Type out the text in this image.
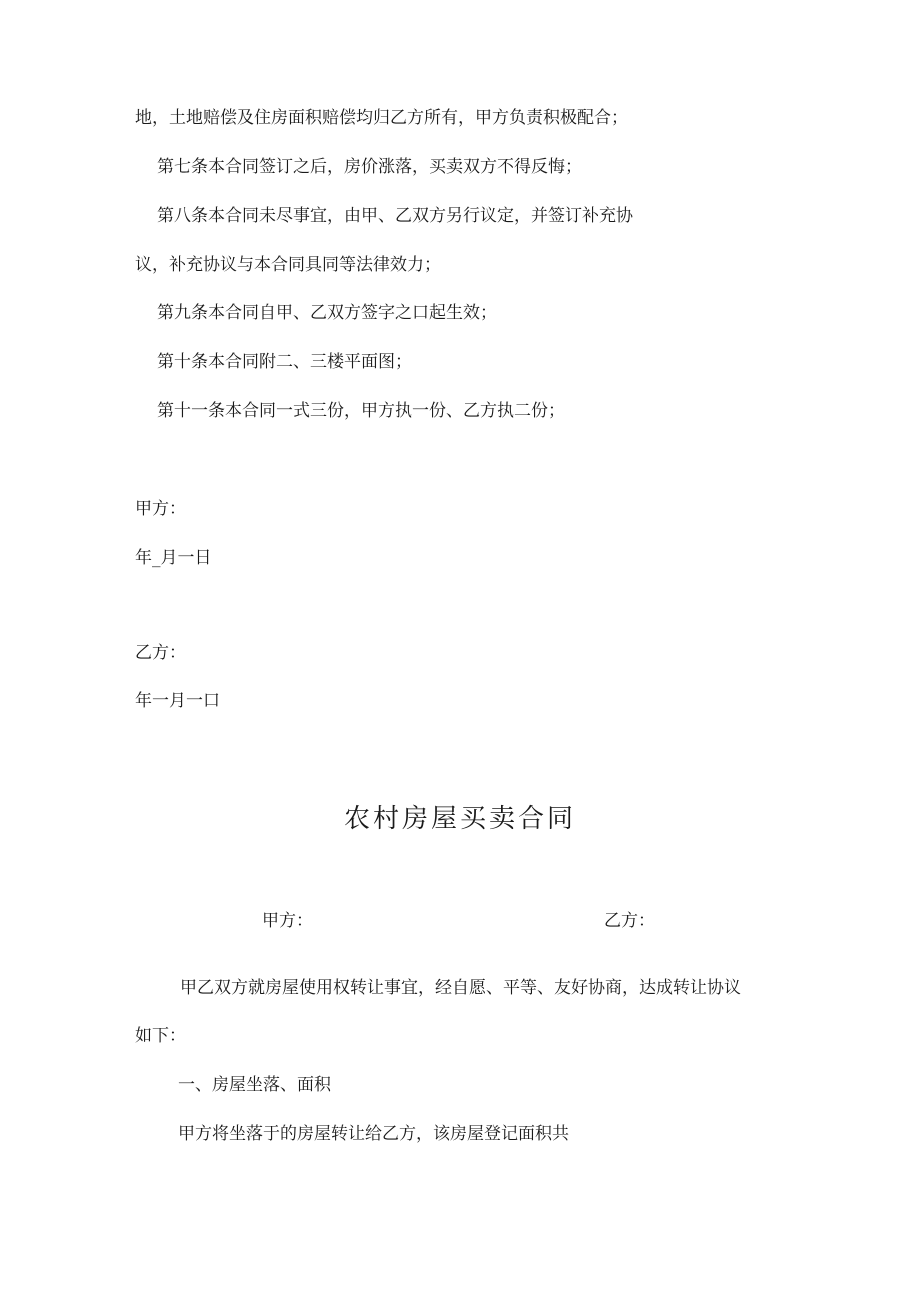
地，土地赔偿及住房面积赔偿均归乙方所有，甲方负责积极配合；
第七条本合同签订之后，房价涨落，买卖双方不得反悔；
第八条本合同未尽事宜，由甲、乙双方另行议定，并签订补充协
议，补充协议与本合同具同等法律效力；
第九条本合同自甲、乙双方签字之口起生效；
第十条本合同附二、三楼平面图；
第十一条本合同一式三份，甲方执一份、乙方执二份；
甲方：
年_月一日
乙方：
年一月一口
农村房屋买卖合同
甲方：	乙方：
甲乙双方就房屋使用权转让事宜，经自愿、平等、友好协商，达成转让协议
如下：
一、房屋坐落、面积
甲方将坐落于的房屋转让给乙方，该房屋登记面积共
